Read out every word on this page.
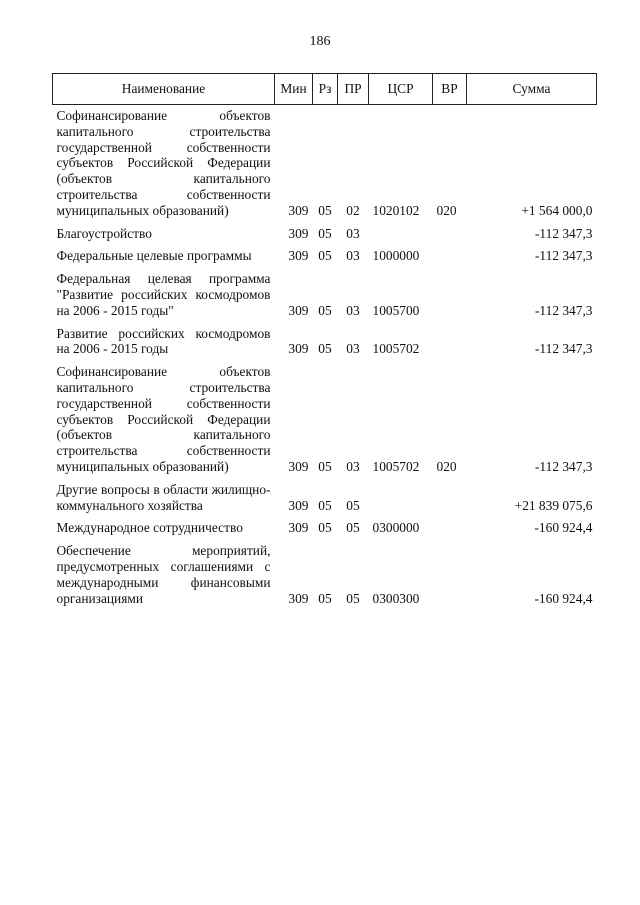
186
Наименование	Мин	Рз	ПР	ЦСР	ВР	Сумма
Софинансирование объектов капитального строительства государственной собственности субъектов Российской Федерации (объектов капитального строительства собственности муниципальных образований)	309	05	02	1020102	020	+1 564 000,0
Благоустройство	309	05	03			-112 347,3
Федеральные целевые программы	309	05	03	1000000		-112 347,3
Федеральная целевая программа "Развитие российских космодромов на 2006 - 2015 годы"	309	05	03	1005700		-112 347,3
Развитие российских космодромов на 2006 - 2015 годы	309	05	03	1005702		-112 347,3
Софинансирование объектов капитального строительства государственной собственности субъектов Российской Федерации (объектов капитального строительства собственности муниципальных образований)	309	05	03	1005702	020	-112 347,3
Другие вопросы в области жилищно-коммунального хозяйства	309	05	05			+21 839 075,6
Международное сотрудничество	309	05	05	0300000		-160 924,4
Обеспечение мероприятий, предусмотренных соглашениями с международными финансовыми организациями	309	05	05	0300300		-160 924,4
